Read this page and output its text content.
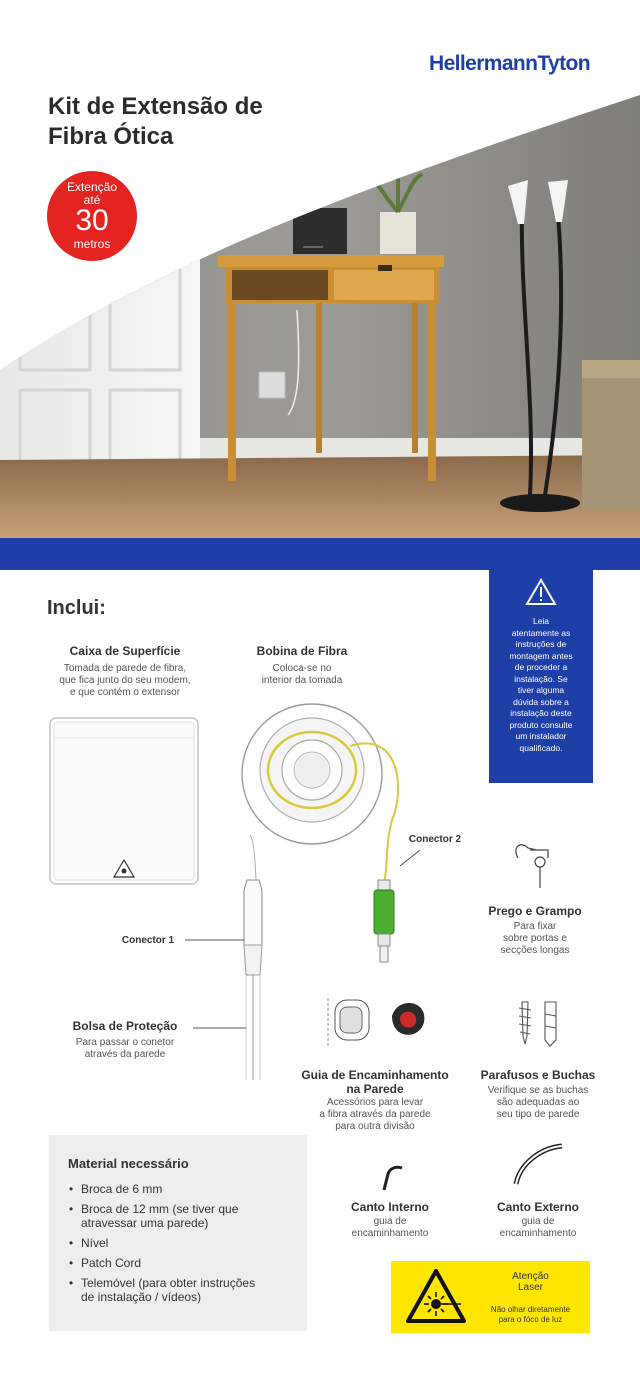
HellermannTyton
Kit de Extensão de
Fibra Ótica
Extenção
até
30
metros
Inclui:
Leia
atentamente as
instruções de
montagem antes
de proceder a
instalação. Se
tiver alguma
dúvida sobre a
instalação deste
produto consulte
um instalador
qualificado.
Caixa de Superfície
Tomada de parede de fibra,
que fica junto do seu modem,
e que contém o extensor
Bobina de Fibra
Coloca-se no
interior da tomada
Conector 2
Conector 1
Prego e Grampo
Para fixar
sobre portas e
secções longas
Bolsa de Proteção
Para passar o conetor
através da parede
Guia de Encaminhamento
na Parede
Acessórios para levar
a fibra através da parede
para outra divisão
Parafusos e Buchas
Verifique se as buchas
são adequadas ao
seu tipo de parede
Material necessário
• Broca de 6 mm
• Broca de 12 mm (se tiver que
atravessar uma parede)
• Nível
• Patch Cord
• Telemóvel (para obter instruções
de instalação / vídeos)
Canto Interno
guia de
encaminhamento
Canto Externo
guia de
encaminhamento
Atenção
Laser
Não olhar diretamente
para o fóco de luz
